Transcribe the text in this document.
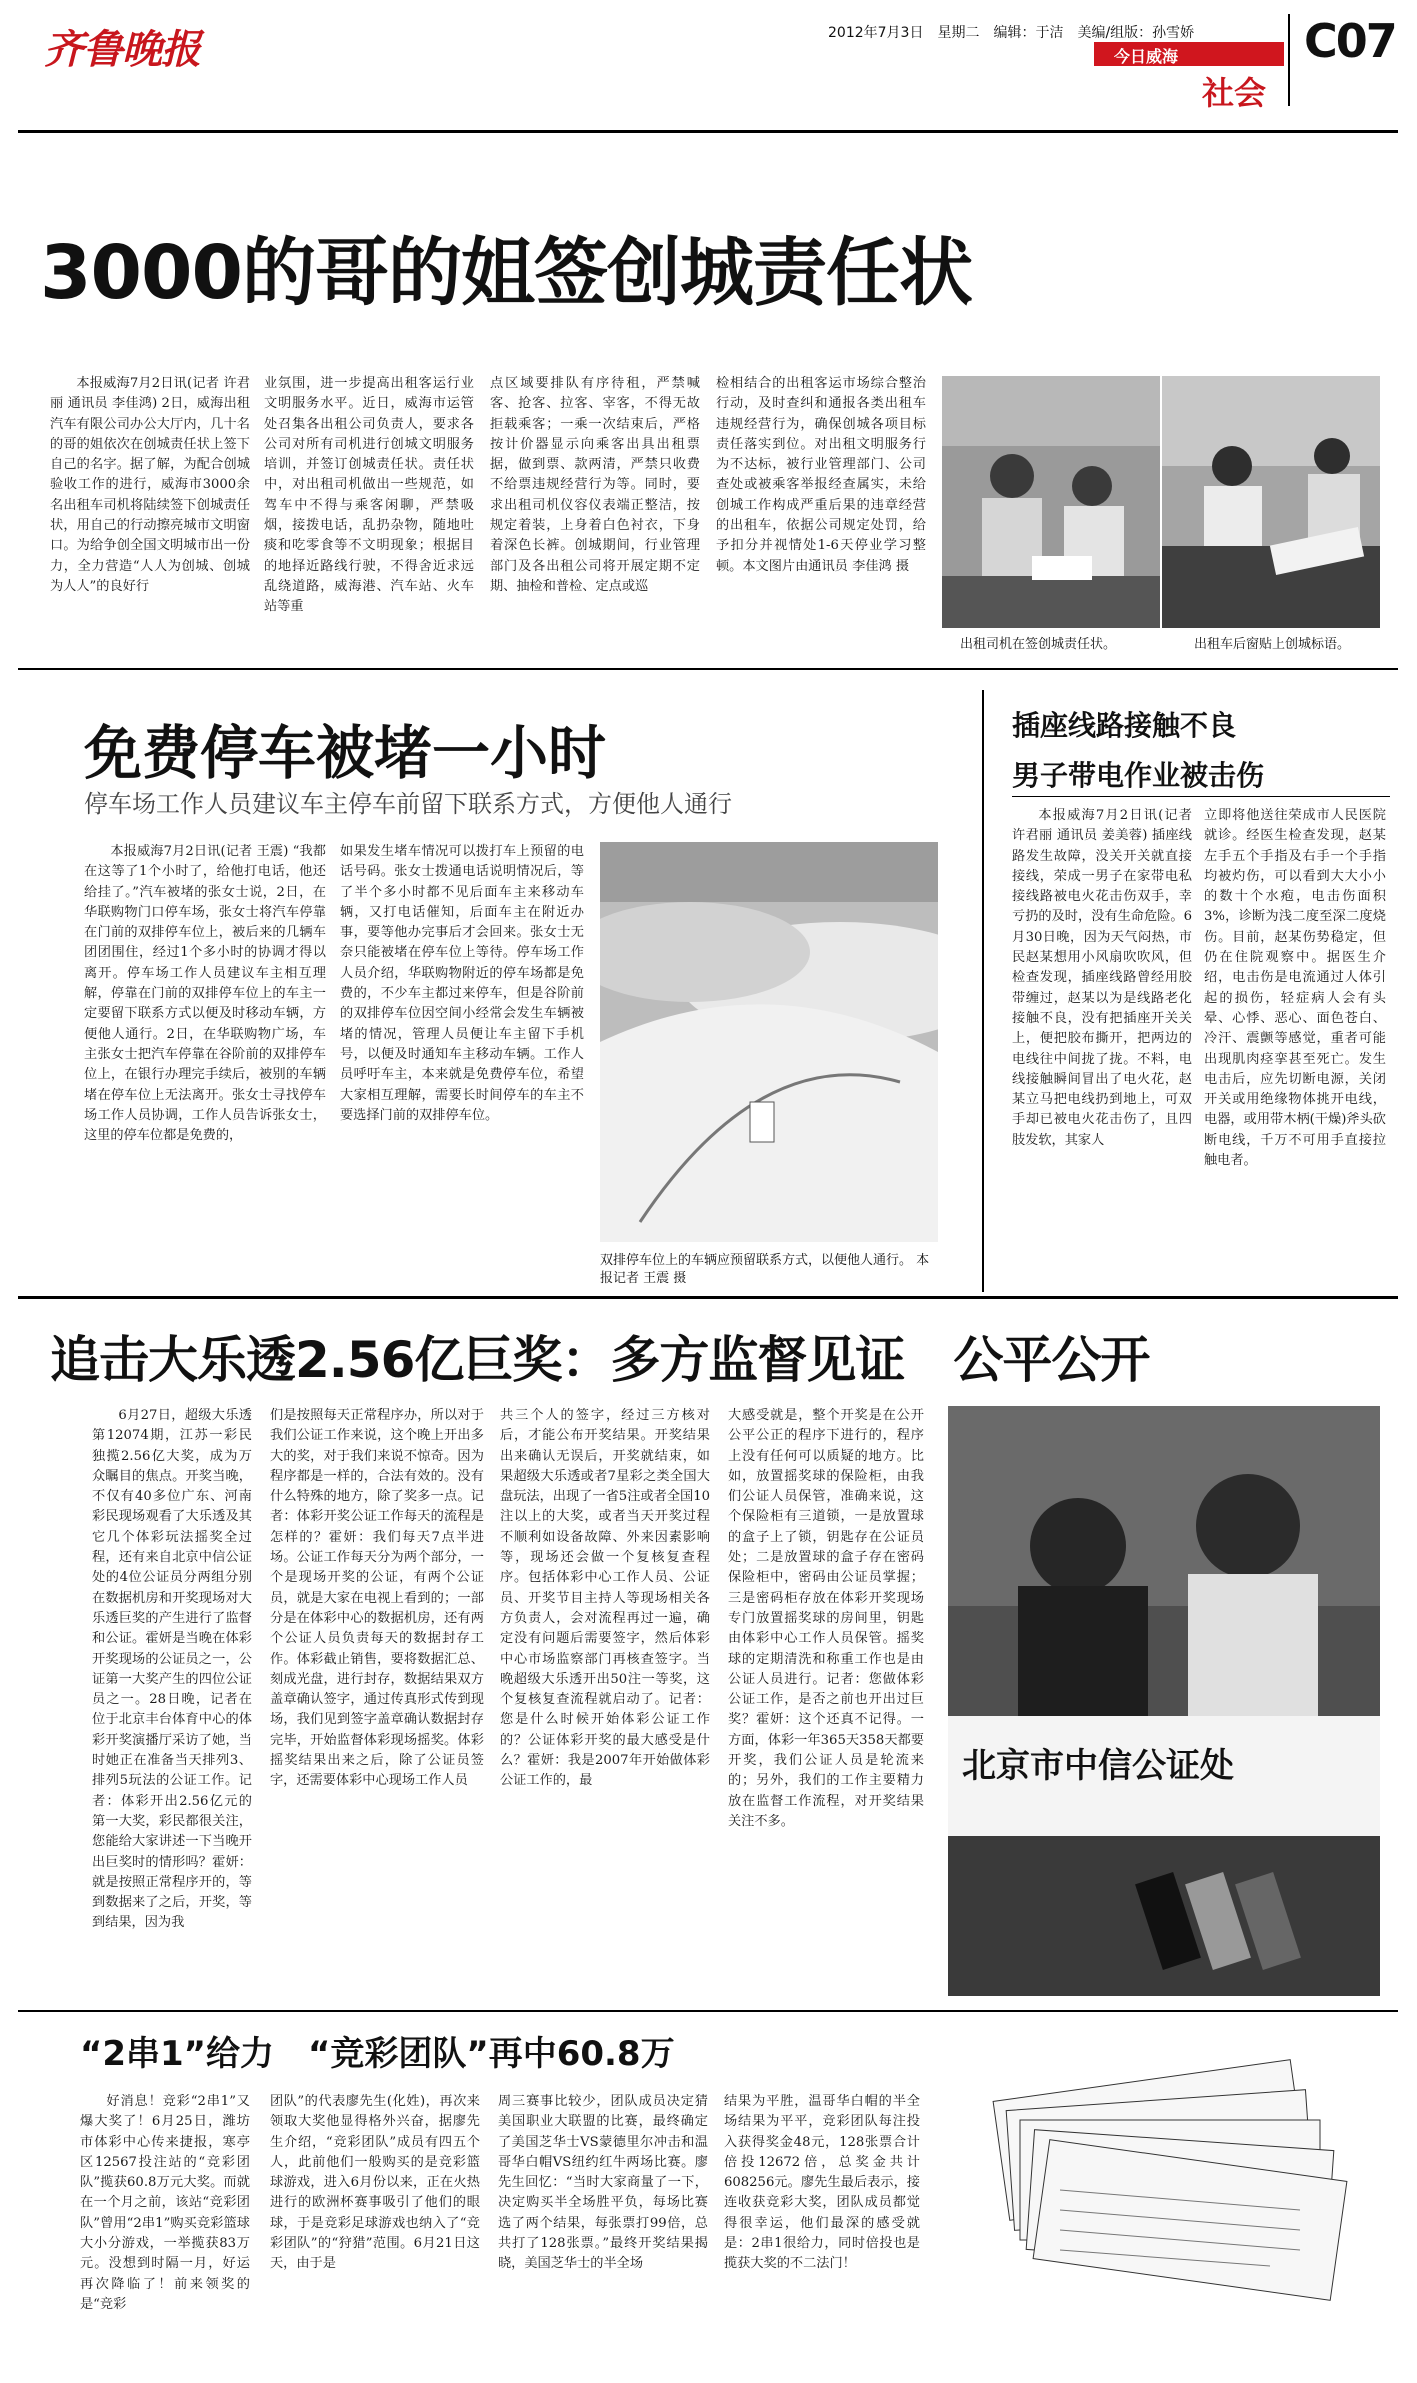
齐鲁晚报	2012年7月3日　星期二　编辑：于洁　美编/组版：孙雪娇
今日威海
社会
C07
3000的哥的姐签创城责任状

本报威海7月2日讯(记者 许君丽 通讯员 李佳鸿) 2日，威海出租汽车有限公司办公大厅内，几十名的哥的姐依次在创城责任状上签下自己的名字。据了解，为配合创城验收工作的进行，威海市3000余名出租车司机将陆续签下创城责任状，用自己的行动擦亮城市文明窗口。为给争创全国文明城市出一份力，全力营造“人人为创城、创城为人人”的良好行

业氛围，进一步提高出租客运行业文明服务水平。近日，威海市运管处召集各出租公司负责人，要求各公司对所有司机进行创城文明服务培训，并签订创城责任状。责任状中，对出租司机做出一些规范，如驾车中不得与乘客闲聊，严禁吸烟，接拨电话，乱扔杂物，随地吐痰和吃零食等不文明现象；根据目的地择近路线行驶，不得舍近求远乱绕道路，威海港、汽车站、火车站等重

点区域要排队有序待租，严禁喊客、抢客、拉客、宰客，不得无故拒载乘客；一乘一次结束后，严格按计价器显示向乘客出具出租票据，做到票、款两清，严禁只收费不给票违规经营行为等。同时，要求出租司机仪容仪表端正整洁，按规定着装，上身着白色衬衣，下身着深色长裤。创城期间，行业管理部门及各出租公司将开展定期不定期、抽检和普检、定点或巡

检相结合的出租客运市场综合整治行动，及时查纠和通报各类出租车违规经营行为，确保创城各项目标责任落实到位。对出租文明服务行为不达标，被行业管理部门、公司查处或被乘客举报经查属实，未给创城工作构成严重后果的违章经营的出租车，依据公司规定处罚，给予扣分并视情处1-6天停业学习整顿。本文图片由通讯员 李佳鸿 摄

出租司机在签创城责任状。	出租车后窗贴上创城标语。
免费停车被堵一小时
停车场工作人员建议车主停车前留下联系方式，方便他人通行

本报威海7月2日讯(记者 王震) “我都在这等了1个小时了，给他打电话，他还给挂了。”汽车被堵的张女士说，2日，在华联购物门口停车场，张女士将汽车停靠在门前的双排停车位上，被后来的几辆车团团围住，经过1个多小时的协调才得以离开。停车场工作人员建议车主相互理解，停靠在门前的双排停车位上的车主一定要留下联系方式以便及时移动车辆，方便他人通行。2日，在华联购物广场，车主张女士把汽车停靠在谷阶前的双排停车位上，在银行办理完手续后，被别的车辆堵在停车位上无法离开。张女士寻找停车场工作人员协调，工作人员告诉张女士，这里的停车位都是免费的，

如果发生堵车情况可以拨打车上预留的电话号码。张女士拨通电话说明情况后，等了半个多小时都不见后面车主来移动车辆，又打电话催知，后面车主在附近办事，要等他办完事后才会回来。张女士无奈只能被堵在停车位上等待。停车场工作人员介绍，华联购物附近的停车场都是免费的，不少车主都过来停车，但是谷阶前的双排停车位因空间小经常会发生车辆被堵的情况，管理人员便让车主留下手机号，以便及时通知车主移动车辆。工作人员呼吁车主，本来就是免费停车位，希望大家相互理解，需要长时间停车的车主不要选择门前的双排停车位。

双排停车位上的车辆应预留联系方式，以便他人通行。 本报记者 王震 摄
插座线路接触不良
男子带电作业被击伤

本报威海7月2日讯(记者 许君丽 通讯员 姜美蓉) 插座线路发生故障，没关开关就直接接线，荣成一男子在家带电私接线路被电火花击伤双手，幸亏扔的及时，没有生命危险。6月30日晚，因为天气闷热，市民赵某想用小风扇吹吹风，但检查发现，插座线路曾经用胶带缠过，赵某以为是线路老化接触不良，没有把插座开关关上，便把胶布撕开，把两边的电线往中间拢了拢。不料，电线接触瞬间冒出了电火花，赵某立马把电线扔到地上，可双手却已被电火花击伤了，且四肢发软，其家人

立即将他送往荣成市人民医院就诊。经医生检查发现，赵某左手五个手指及右手一个手指均被灼伤，可以看到大大小小的数十个水疱，电击伤面积3%，诊断为浅二度至深二度烧伤。目前，赵某伤势稳定，但仍在住院观察中。据医生介绍，电击伤是电流通过人体引起的损伤，轻症病人会有头晕、心悸、恶心、面色苍白、冷汗、震颤等感觉，重者可能出现肌肉痉挛甚至死亡。发生电击后，应先切断电源，关闭开关或用绝缘物体挑开电线，电器，或用带木柄(干燥)斧头砍断电线，千万不可用手直接拉触电者。

追击大乐透2.56亿巨奖：多方监督见证　公平公开

6月27日，超级大乐透第12074期，江苏一彩民独揽2.56亿大奖，成为万众瞩目的焦点。开奖当晚，不仅有40多位广东、河南彩民现场观看了大乐透及其它几个体彩玩法摇奖全过程，还有来自北京中信公证处的4位公证员分两组分别在数据机房和开奖现场对大乐透巨奖的产生进行了监督和公证。霍妍是当晚在体彩开奖现场的公证员之一，公证第一大奖产生的四位公证员之一。28日晚，记者在位于北京丰台体育中心的体彩开奖演播厅采访了她，当时她正在准备当天排列3、排列5玩法的公证工作。记者：体彩开出2.56亿元的第一大奖，彩民都很关注，您能给大家讲述一下当晚开出巨奖时的情形吗？霍妍：就是按照正常程序开的，等到数据来了之后，开奖，等到结果，因为我

们是按照每天正常程序办，所以对于我们公证工作来说，这个晚上开出多大的奖，对于我们来说不惊奇。因为程序都是一样的，合法有效的。没有什么特殊的地方，除了奖多一点。记者：体彩开奖公证工作每天的流程是怎样的？霍妍：我们每天7点半进场。公证工作每天分为两个部分，一个是现场开奖的公证，有两个公证员，就是大家在电视上看到的；一部分是在体彩中心的数据机房，还有两个公证人员负责每天的数据封存工作。体彩截止销售，要将数据汇总、刻成光盘，进行封存，数据结果双方盖章确认签字，通过传真形式传到现场，我们见到签字盖章确认数据封存完毕，开始监督体彩现场摇奖。体彩摇奖结果出来之后，除了公证员签字，还需要体彩中心现场工作人员

共三个人的签字，经过三方核对后，才能公布开奖结果。开奖结果出来确认无误后，开奖就结束，如果超级大乐透或者7星彩之类全国大盘玩法，出现了一省5注或者全国10注以上的大奖，或者当天开奖过程不顺利如设备故障、外来因素影响等，现场还会做一个复核复查程序。包括体彩中心工作人员、公证员、开奖节目主持人等现场相关各方负责人，会对流程再过一遍，确定没有问题后需要签字，然后体彩中心市场监察部门再核查签字。当晚超级大乐透开出50注一等奖，这个复核复查流程就启动了。记者：您是什么时候开始体彩公证工作的？公证体彩开奖的最大感受是什么？霍妍：我是2007年开始做体彩公证工作的，最

大感受就是，整个开奖是在公开公平公正的程序下进行的，程序上没有任何可以质疑的地方。比如，放置摇奖球的保险柜，由我们公证人员保管，准确来说，这个保险柜有三道锁，一是放置球的盒子上了锁，钥匙存在公证员处；二是放置球的盒子存在密码保险柜中，密码由公证员掌握；三是密码柜存放在体彩开奖现场专门放置摇奖球的房间里，钥匙由体彩中心工作人员保管。摇奖球的定期清洗和称重工作也是由公证人员进行。记者：您做体彩公证工作，是否之前也开出过巨奖？霍妍：这个还真不记得。一方面，体彩一年365天358天都要开奖，我们公证人员是轮流来的；另外，我们的工作主要精力放在监督工作流程，对开奖结果关注不多。

北京市中信公证处
“2串1”给力　“竞彩团队”再中60.8万

好消息！竞彩“2串1”又爆大奖了！6月25日，潍坊市体彩中心传来捷报，寒亭区12567投注站的“竞彩团队”揽获60.8万元大奖。而就在一个月之前，该站“竞彩团队”曾用“2串1”购买竞彩篮球大小分游戏，一举揽获83万元。没想到时隔一月，好运再次降临了！前来领奖的是“竞彩

团队”的代表廖先生(化姓)，再次来领取大奖他显得格外兴奋，据廖先生介绍，“竞彩团队”成员有四五个人，此前他们一般购买的是竞彩篮球游戏，进入6月份以来，正在火热进行的欧洲杯赛事吸引了他们的眼球，于是竞彩足球游戏也纳入了“竞彩团队”的“狩猎”范围。6月21日这天，由于是

周三赛事比较少，团队成员决定猜美国职业大联盟的比赛，最终确定了美国芝华士VS蒙德里尔冲击和温哥华白帽VS纽约红牛两场比赛。廖先生回忆：“当时大家商量了一下，决定购买半全场胜平负，每场比赛选了两个结果，每张票打99倍，总共打了128张票。”最终开奖结果揭晓，美国芝华士的半全场

结果为平胜，温哥华白帽的半全场结果为平平，竞彩团队每注投入获得奖金48元，128张票合计倍投12672倍，总奖金共计608256元。廖先生最后表示，接连收获竞彩大奖，团队成员都觉得很幸运，他们最深的感受就是：2串1很给力，同时倍投也是揽获大奖的不二法门！
